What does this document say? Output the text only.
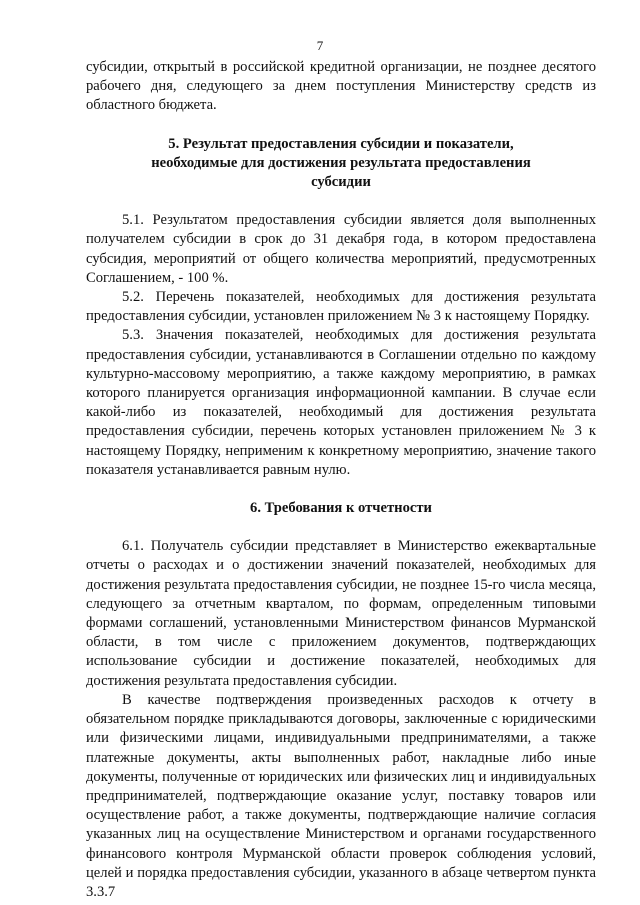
7

субсидии, открытый в российской кредитной организации, не позднее десятого рабочего дня, следующего за днем поступления Министерству средств из областного бюджета.

5. Результат предоставления субсидии и показатели, необходимые для достижения результата предоставления субсидии

5.1. Результатом предоставления субсидии является доля выполненных получателем субсидии в срок до 31 декабря года, в котором предоставлена субсидия, мероприятий от общего количества мероприятий, предусмотренных Соглашением, - 100 %.

5.2. Перечень показателей, необходимых для достижения результата предоставления субсидии, установлен приложением № 3 к настоящему Порядку.

5.3. Значения показателей, необходимых для достижения результата предоставления субсидии, устанавливаются в Соглашении отдельно по каждому культурно-массовому мероприятию, а также каждому мероприятию, в рамках которого планируется организация информационной кампании. В случае если какой-либо из показателей, необходимый для достижения результата предоставления субсидии, перечень которых установлен приложением № 3 к настоящему Порядку, неприменим к конкретному мероприятию, значение такого показателя устанавливается равным нулю.

6. Требования к отчетности

6.1. Получатель субсидии представляет в Министерство ежеквартальные отчеты о расходах и о достижении значений показателей, необходимых для достижения результата предоставления субсидии, не позднее 15-го числа месяца, следующего за отчетным кварталом, по формам, определенным типовыми формами соглашений, установленными Министерством финансов Мурманской области, в том числе с приложением документов, подтверждающих использование субсидии и достижение показателей, необходимых для достижения результата предоставления субсидии.

В качестве подтверждения произведенных расходов к отчету в обязательном порядке прикладываются договоры, заключенные с юридическими или физическими лицами, индивидуальными предпринимателями, а также платежные документы, акты выполненных работ, накладные либо иные документы, полученные от юридических или физических лиц и индивидуальных предпринимателей, подтверждающие оказание услуг, поставку товаров или осуществление работ, а также документы, подтверждающие наличие согласия указанных лиц на осуществление Министерством и органами государственного финансового контроля Мурманской области проверок соблюдения условий, целей и порядка предоставления субсидии, указанного в абзаце четвертом пункта 3.3.7
